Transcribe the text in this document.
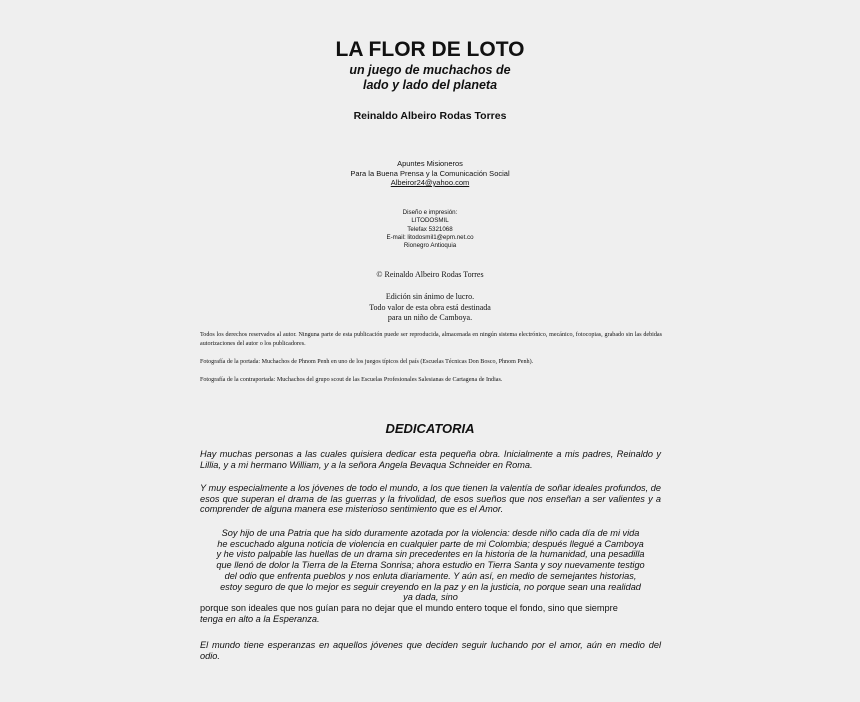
LA FLOR DE LOTO
un juego de muchachos de
lado y lado del planeta
Reinaldo Albeiro Rodas Torres
Apuntes Misioneros
Para la Buena Prensa y la Comunicación Social
Albeiror24@yahoo.com
Diseño e impresión:
LITODOSMIL
Telefax 5321068
E-mail: litodosmil1@epm.net.co
Rionegro Antioquia
© Reinaldo Albeiro Rodas Torres
Edición sin ánimo de lucro.
Todo valor de esta obra está destinada
para un niño de Camboya.
Todos los derechos reservados al autor. Ninguna parte de esta publicación puede ser reproducida, almacenada en ningún sistema electrónico, mecánico, fotocopias, grabado sin las debidas autorizaciones del autor o los publicadores.
Fotografía de la portada: Muchachos de Phnom Penh en uno de los juegos típicos del país (Escuelas Técnicas Don Bosco, Phnom Penh).
Fotografía de la contraportada: Muchachos del grupo scout de las Escuelas Profesionales Salesianas de Cartagena de Indias.
DEDICATORIA
Hay muchas personas a las cuales quisiera dedicar esta pequeña obra. Inicialmente a mis padres, Reinaldo y Lillia, y a mi hermano William, y a la señora Angela Bevaqua Schneider en Roma.
Y muy especialmente a los jóvenes de todo el mundo, a los que tienen la valentía de soñar ideales profundos, de esos que superan el drama de las guerras y la frivolidad, de esos sueños que nos enseñan a ser valientes y a comprender de alguna manera ese misterioso sentimiento que es el Amor.
Soy hijo de una Patria que ha sido duramente azotada por la violencia: desde niño cada día de mi vida
he escuchado alguna noticia de violencia en cualquier parte de mi Colombia; después llegué a Camboya
y he visto palpable las huellas de un drama sin precedentes en la historia de la humanidad, una pesadilla
que llenó de dolor la Tierra de la Eterna Sonrisa; ahora estudio en Tierra Santa y soy nuevamente testigo
del odio que enfrenta pueblos y nos enluta diariamente. Y aún así, en medio de semejantes historias,
estoy seguro de que lo mejor es seguir creyendo en la paz y en la justicia, no porque sean una realidad
ya dada, sino
porque son ideales que nos guían para no dejar que el mundo entero toque el fondo, sino que siempre
tenga en alto a la Esperanza.
El mundo tiene esperanzas en aquellos jóvenes que deciden seguir luchando por el amor, aún en medio del odio.
